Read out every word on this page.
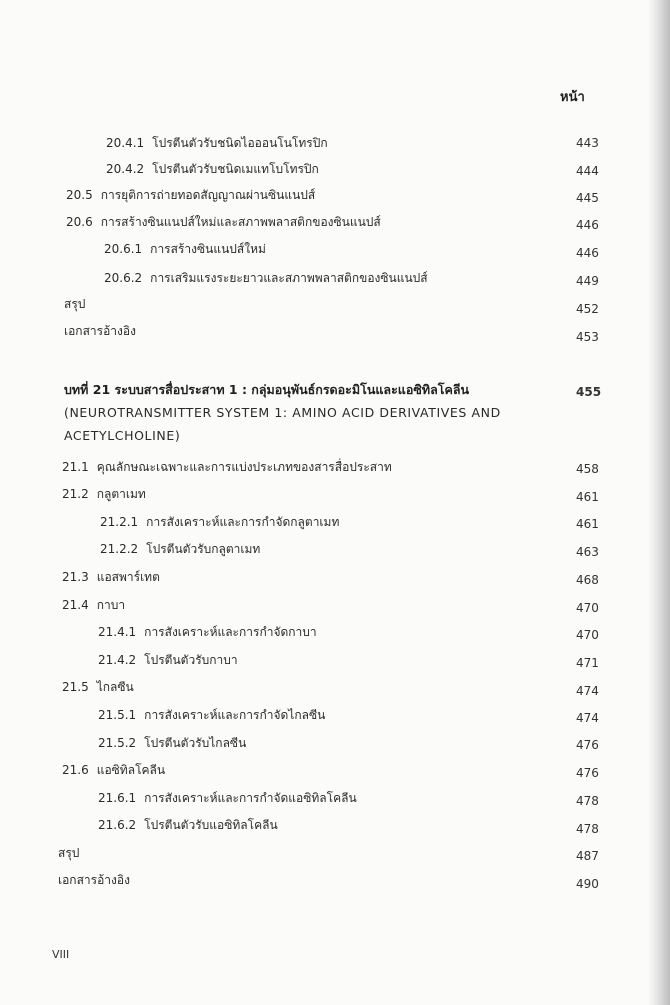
หน้า
20.4.1 โปรตีนตัวรับชนิดไอออนโนโทรปิก	443
20.4.2 โปรตีนตัวรับชนิดเมแทโบโทรปิก	444
20.5 การยุติการถ่ายทอดสัญญาณผ่านซินแนปส์	445
20.6 การสร้างซินแนปส์ใหม่และสภาพพลาสติกของซินแนปส์	446
20.6.1 การสร้างซินแนปส์ใหม่	446
20.6.2 การเสริมแรงระยะยาวและสภาพพลาสติกของซินแนปส์	449
สรุป	452
เอกสารอ้างอิง	453
บทที่ 21 ระบบสารสื่อประสาท 1 : กลุ่มอนุพันธ์กรดอะมิโนและแอซิทิลโคลีน	455
(NEUROTRANSMITTER SYSTEM 1: AMINO ACID DERIVATIVES AND
ACETYLCHOLINE)
21.1 คุณลักษณะเฉพาะและการแบ่งประเภทของสารสื่อประสาท	458
21.2 กลูตาเมท	461
21.2.1 การสังเคราะห์และการกำจัดกลูตาเมท	461
21.2.2 โปรตีนตัวรับกลูตาเมท	463
21.3 แอสพาร์เทต	468
21.4 กาบา	470
21.4.1 การสังเคราะห์และการกำจัดกาบา	470
21.4.2 โปรตีนตัวรับกาบา	471
21.5 ไกลซีน	474
21.5.1 การสังเคราะห์และการกำจัดไกลซีน	474
21.5.2 โปรตีนตัวรับไกลซีน	476
21.6 แอซิทิลโคลีน	476
21.6.1 การสังเคราะห์และการกำจัดแอซิทิลโคลีน	478
21.6.2 โปรตีนตัวรับแอซิทิลโคลีน	478
สรุป	487
เอกสารอ้างอิง	490
VIII
